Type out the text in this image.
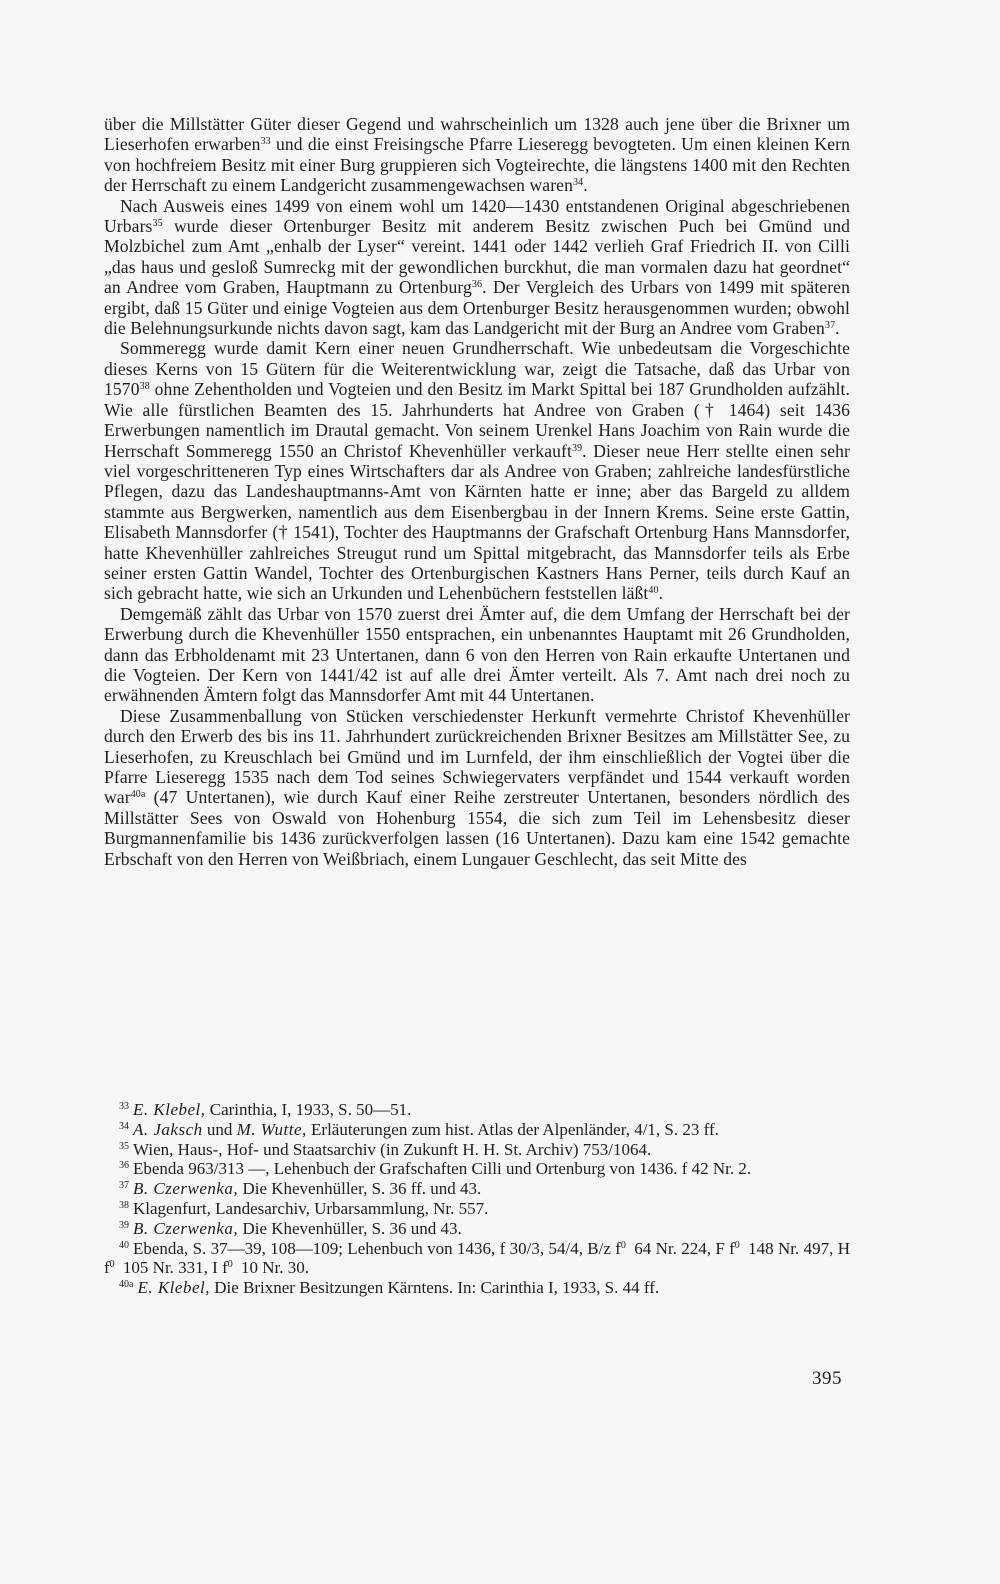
über die Millstätter Güter dieser Gegend und wahrscheinlich um 1328 auch jene über die Brixner um Lieserhofen erwarben$^{33}$ und die einst Freisingsche Pfarre Lieseregg bevogteten. Um einen kleinen Kern von hochfreiem Besitz mit einer Burg gruppieren sich Vogteirechte, die längstens 1400 mit den Rechten der Herrschaft zu einem Landgericht zusammengewachsen waren$^{34}$.

Nach Ausweis eines 1499 von einem wohl um 1420—1430 entstandenen Original abgeschriebenen Urbars$^{35}$ wurde dieser Ortenburger Besitz mit anderem Besitz zwischen Puch bei Gmünd und Molzbichel zum Amt „enhalb der Lyser“ vereint. 1441 oder 1442 verlieh Graf Friedrich II. von Cilli „das haus und gesloß Sumreckg mit der gewondlichen burckhut, die man vormalen dazu hat geordnet“ an Andree vom Graben, Hauptmann zu Ortenburg$^{36}$. Der Vergleich des Urbars von 1499 mit späteren ergibt, daß 15 Güter und einige Vogteien aus dem Ortenburger Besitz herausgenommen wurden; obwohl die Belehnungsurkunde nichts davon sagt, kam das Landgericht mit der Burg an Andree vom Graben$^{37}$.

Sommeregg wurde damit Kern einer neuen Grundherrschaft. Wie unbedeutsam die Vorgeschichte dieses Kerns von 15 Gütern für die Weiterentwicklung war, zeigt die Tatsache, daß das Urbar von 1570$^{38}$ ohne Zehentholden und Vogteien und den Besitz im Markt Spittal bei 187 Grundholden aufzählt. Wie alle fürstlichen Beamten des 15. Jahrhunderts hat Andree von Graben († 1464) seit 1436 Erwerbungen namentlich im Drautal gemacht. Von seinem Urenkel Hans Joachim von Rain wurde die Herrschaft Sommeregg 1550 an Christof Khevenhüller verkauft$^{39}$. Dieser neue Herr stellte einen sehr viel vorgeschritteneren Typ eines Wirtschafters dar als Andree von Graben; zahlreiche landesfürstliche Pflegen, dazu das Landeshauptmanns-Amt von Kärnten hatte er inne; aber das Bargeld zu alldem stammte aus Bergwerken, namentlich aus dem Eisenbergbau in der Innern Krems. Seine erste Gattin, Elisabeth Mannsdorfer († 1541), Tochter des Hauptmanns der Grafschaft Ortenburg Hans Mannsdorfer, hatte Khevenhüller zahlreiches Streugut rund um Spittal mitgebracht, das Mannsdorfer teils als Erbe seiner ersten Gattin Wandel, Tochter des Ortenburgischen Kastners Hans Perner, teils durch Kauf an sich gebracht hatte, wie sich an Urkunden und Lehenbüchern feststellen läßt$^{40}$.

Demgemäß zählt das Urbar von 1570 zuerst drei Ämter auf, die dem Umfang der Herrschaft bei der Erwerbung durch die Khevenhüller 1550 entsprachen, ein unbenanntes Hauptamt mit 26 Grundholden, dann das Erbholdenamt mit 23 Untertanen, dann 6 von den Herren von Rain erkaufte Untertanen und die Vogteien. Der Kern von 1441/42 ist auf alle drei Ämter verteilt. Als 7. Amt nach drei noch zu erwähnenden Ämtern folgt das Mannsdorfer Amt mit 44 Untertanen.

Diese Zusammenballung von Stücken verschiedenster Herkunft vermehrte Christof Khevenhüller durch den Erwerb des bis ins 11. Jahrhundert zurückreichenden Brixner Besitzes am Millstätter See, zu Lieserhofen, zu Kreuschlach bei Gmünd und im Lurnfeld, der ihm einschließlich der Vogtei über die Pfarre Lieseregg 1535 nach dem Tod seines Schwiegervaters verpfändet und 1544 verkauft worden war$^{40a}$ (47 Untertanen), wie durch Kauf einer Reihe zerstreuter Untertanen, besonders nördlich des Millstätter Sees von Oswald von Hohenburg 1554, die sich zum Teil im Lehensbesitz dieser Burgmannenfamilie bis 1436 zurückverfolgen lassen (16 Untertanen). Dazu kam eine 1542 gemachte Erbschaft von den Herren von Weißbriach, einem Lungauer Geschlecht, das seit Mitte des

$^{33}$ E. Klebel, Carinthia, I, 1933, S. 50—51.

$^{34}$ A. Jaksch und M. Wutte, Erläuterungen zum hist. Atlas der Alpenländer, 4/1, S. 23 ff.

$^{35}$ Wien, Haus-, Hof- und Staatsarchiv (in Zukunft H. H. St. Archiv) 753/1064.

$^{36}$ Ebenda 963/313 —, Lehenbuch der Grafschaften Cilli und Ortenburg von 1436. f 42 Nr. 2.

$^{37}$ B. Czerwenka, Die Khevenhüller, S. 36 ff. und 43.

$^{38}$ Klagenfurt, Landesarchiv, Urbarsammlung, Nr. 557.

$^{39}$ B. Czerwenka, Die Khevenhüller, S. 36 und 43.

$^{40}$ Ebenda, S. 37—39, 108—109; Lehenbuch von 1436, f 30/3, 54/4, B/z $f^0$ 64 Nr. 224, F $f^0$ 148 Nr. 497, H $f^0$ 105 Nr. 331, I $f^0$ 10 Nr. 30.

$^{40a}$ E. Klebel, Die Brixner Besitzungen Kärntens. In: Carinthia I, 1933, S. 44 ff.

395
